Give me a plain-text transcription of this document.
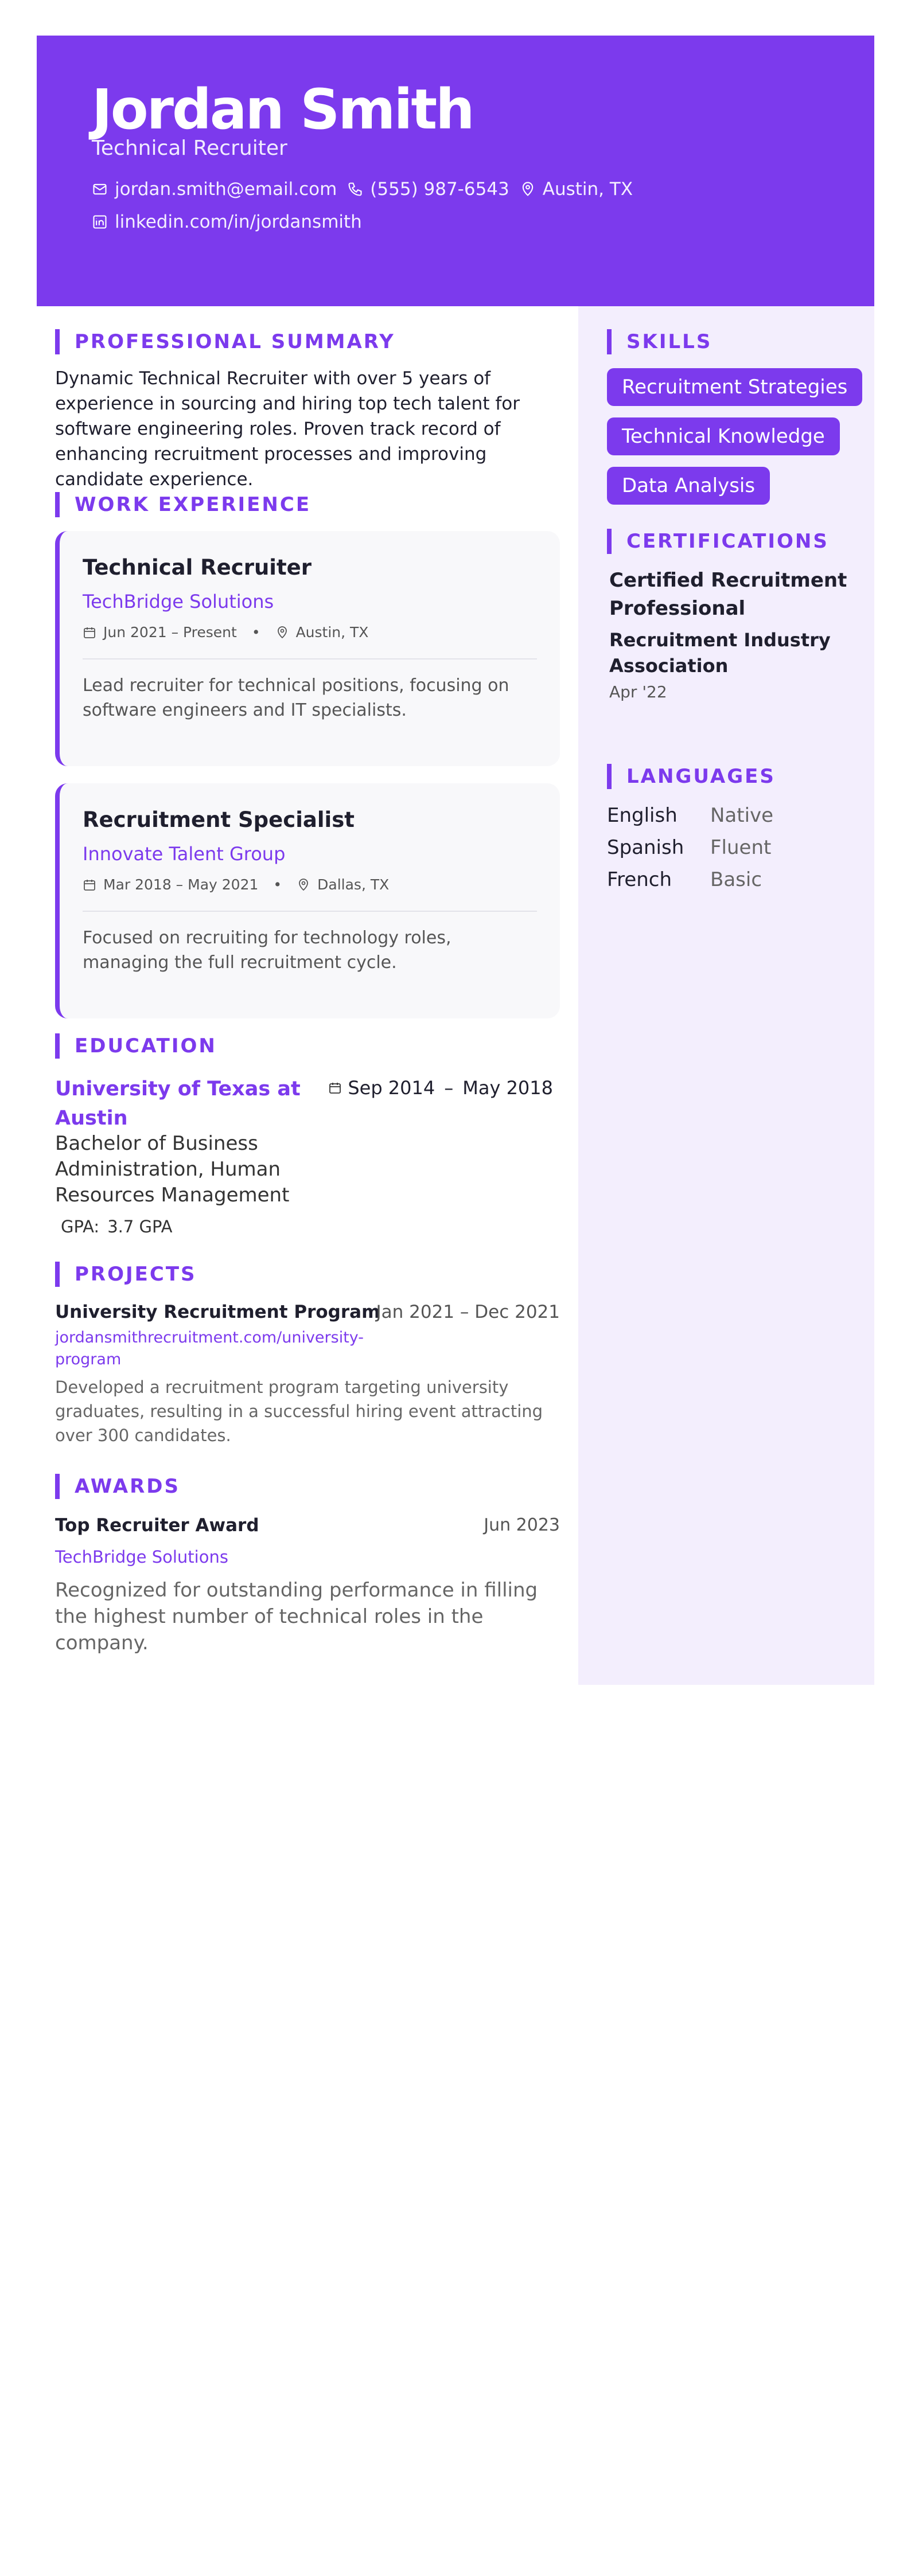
Jordan Smith
Technical Recruiter
jordan.smith@email.com (555) 987-6543 Austin, TX
linkedin.com/in/jordansmith
PROFESSIONAL SUMMARY
Dynamic Technical Recruiter with over 5 years of experience in sourcing and hiring top tech talent for software engineering roles. Proven track record of enhancing recruitment processes and improving candidate experience.
WORK EXPERIENCE
Technical Recruiter
TechBridge Solutions
Jun 2021 – Present • Austin, TX
Lead recruiter for technical positions, focusing on software engineers and IT specialists.
Recruitment Specialist
Innovate Talent Group
Mar 2018 – May 2021 • Dallas, TX
Focused on recruiting for technology roles, managing the full recruitment cycle.
EDUCATION
University of Texas at Austin
Sep 2014 – May 2018
Bachelor of Business Administration, Human Resources Management
GPA: 3.7 GPA
PROJECTS
University Recruitment Program
Jan 2021 – Dec 2021
jordansmithrecruitment.com/university-program
Developed a recruitment program targeting university graduates, resulting in a successful hiring event attracting over 300 candidates.
AWARDS
Top Recruiter Award	Jun 2023
TechBridge Solutions
Recognized for outstanding performance in filling the highest number of technical roles in the company.
SKILLS
Recruitment Strategies
Technical Knowledge
Data Analysis
CERTIFICATIONS
Certified Recruitment Professional
Recruitment Industry Association
Apr '22
LANGUAGES
English	Native
Spanish	Fluent
French	Basic
